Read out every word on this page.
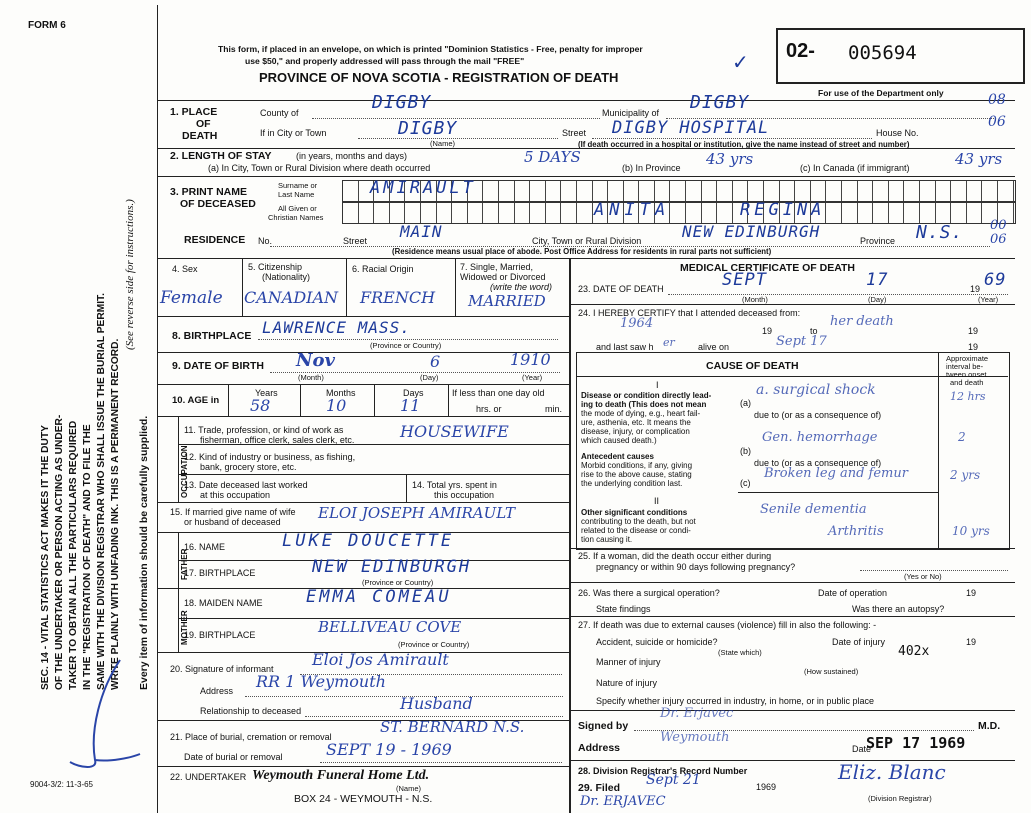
FORM 6
SEC. 14 - VITAL STATISTICS ACT MAKES IT THE DUTY OF THE UNDERTAKER OR PERSON ACTING AS UNDER- TAKER TO OBTAIN ALL THE PARTICULARS REQUIRED IN THE "REGISTRATION OF DEATH" AND TO FILE THE SAME WITH THE DIVISION REGISTRAR WHO SHALL ISSUE THE BURIAL PERMIT. WRITE PLAINLY WITH UNFADING INK. THIS IS A PERMANENT RECORD.
(See reverse side for instructions.)
Every item of information should be carefully supplied.
9004-3/2: 11-3-65
This form, if placed in an envelope, on which is printed "Dominion Statistics - Free, penalty for improper
use $50," and properly addressed will pass through the mail "FREE"
PROVINCE OF NOVA SCOTIA - REGISTRATION OF DEATH
✓
02- 005694
For use of the Department only
1. PLACE
OF
DEATH
County of	DIGBY	Municipality of DIGBY	08
If in City or Town	DIGBY
(Name)
Street DIGBY HOSPITAL	House No.
06
(If death occurred in a hospital or institution, give the name instead of street and number)
2. LENGTH OF STAY	(in years, months and days)
(a) In City, Town or Rural Division where death occurred
5 DAYS
(b) In Province 43 yrs	(c) In Canada (if immigrant)	43 yrs
3. PRINT NAME
OF DECEASED
Surname or
Last Name	AMIRAULT
All Given or
Christian Names	ANITA	REGINA
RESIDENCE No.	Street MAIN	City, Town or Rural Division	NEW EDINBURGH	Province N.S. 00
06
(Residence means usual place of abode. Post Office Address for residents in rural parts not sufficient)
4. Sex
Female
5. Citizenship
(Nationality)
CANADIAN
6. Racial Origin
FRENCH
7. Single, Married,
Widowed or Divorced
(write the word)
MARRIED
8. BIRTHPLACE LAWRENCE MASS.
(Province or Country)
9. DATE OF BIRTH Nov	6	1910
(Month)	(Day)	(Year)
10. AGE in
Years
58
Months
10
Days
11
If less than one day old
hrs. or	min.
OCCUPATION
11. Trade, profession, or kind of work as
fisherman, office clerk, sales clerk, etc.	HOUSEWIFE
12. Kind of industry or business, as fishing,
bank, grocery store, etc.
13. Date deceased last worked
at this occupation
14. Total yrs. spent in
this occupation
15. If married give name of wife
or husband of deceased ELOI JOSEPH AMIRAULT
FATHER
16. NAME	LUKE DOUCETTE
17. BIRTHPLACE	NEW EDINBURGH
(Province or Country)
MOTHER
18. MAIDEN NAME	EMMA COMEAU
19. BIRTHPLACE	BELLIVEAU COVE
(Province or Country)
20. Signature of informant Eloi Jos Amirault
Address RR 1 Weymouth
Relationship to deceased	Husband
21. Place of burial, cremation or removal
ST. BERNARD N.S.
Date of burial or removal	SEPT 19 - 1969
22. UNDERTAKER Weymouth Funeral Home Ltd.
BOX 24 - WEYMOUTH - N.S.
(Name)
MEDICAL CERTIFICATE OF DEATH
23. DATE OF DEATH	SEPT	17	19 69
(Month)	(Day)	(Year)
24. I HEREBY CERTIFY that I attended deceased from:
1964	19	to
her death
19
and last saw h er	alive on	Sept 17	19
CAUSE OF DEATH
Approximate
interval be-
tween onset
and death
I
Disease or condition directly lead-
ing to death (This does not mean
the mode of dying, e.g., heart fail-
ure, asthenia, etc. It means the
disease, injury, or complication
which caused death.)
(a)
a. surgical shock	12 hrs
due to (or as a consequence of)
Antecedent causes
Morbid conditions, if any, giving
rise to the above cause, stating
the underlying condition last.
(b)
Gen. hemorrhage	2
due to (or as a consequence of)
(c)
Broken leg and femur	2 yrs
II
Other significant conditions
contributing to the death, but not
related to the disease or condi-
tion causing it.
Senile dementia
Arthritis	10 yrs
25. If a woman, did the death occur either during
pregnancy or within 90 days following pregnancy?
(Yes or No)
26. Was there a surgical operation?	Date of operation	19
State findings	Was there an autopsy?
27. If death was due to external causes (violence) fill in also the following: -
Accident, suicide or homicide?
(State which)
Date of injury	19
Manner of injury
402x
(How sustained)
Nature of injury
Specify whether injury occurred in industry, in home, or in public place
Signed by
Dr. Erjavec
M.D.
Address
Weymouth
Date
SEP 17 1969
28. Division Registrar's Record Number
29. Filed Sept 21	1969
Eliz. Blanc
(Division Registrar)
Dr. ERJAVEC
